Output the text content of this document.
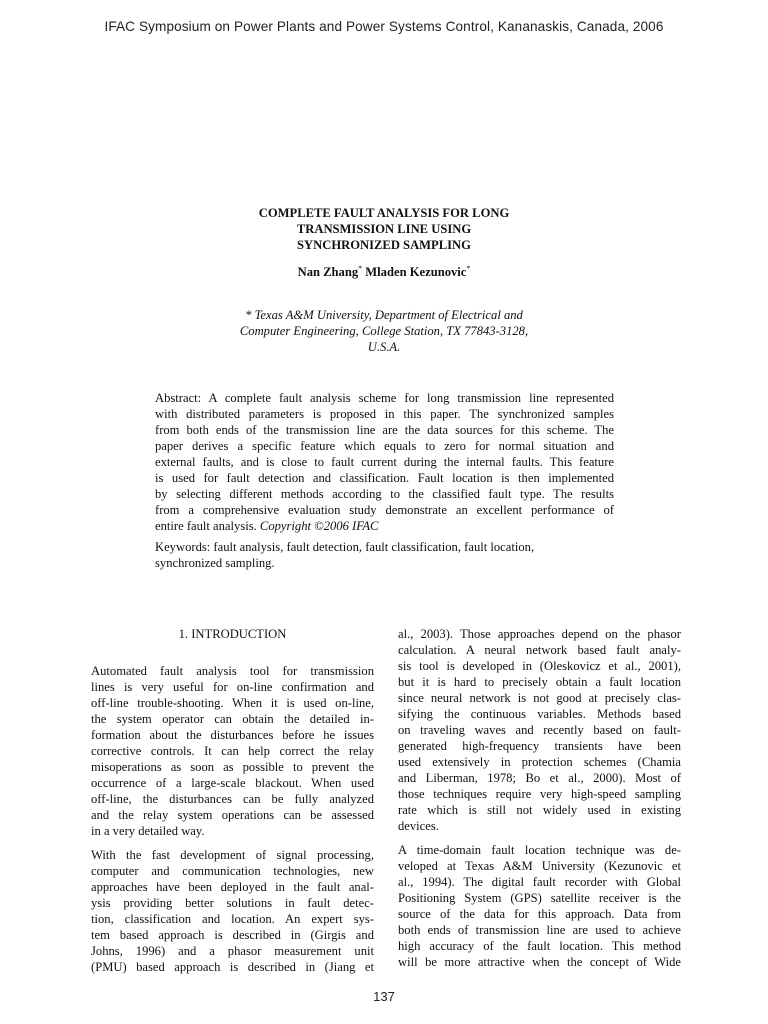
IFAC Symposium on Power Plants and Power Systems Control, Kananaskis, Canada, 2006
COMPLETE FAULT ANALYSIS FOR LONG
TRANSMISSION LINE USING
SYNCHRONIZED SAMPLING
Nan Zhang* Mladen Kezunovic*
* Texas A&M University, Department of Electrical and
Computer Engineering, College Station, TX 77843-3128,
U.S.A.
Abstract: A complete fault analysis scheme for long transmission line represented
with distributed parameters is proposed in this paper. The synchronized samples
from both ends of the transmission line are the data sources for this scheme. The
paper derives a specific feature which equals to zero for normal situation and
external faults, and is close to fault current during the internal faults. This feature
is used for fault detection and classification. Fault location is then implemented
by selecting different methods according to the classified fault type. The results
from a comprehensive evaluation study demonstrate an excellent performance of
entire fault analysis. Copyright ©2006 IFAC
Keywords: fault analysis, fault detection, fault classification, fault location,
synchronized sampling.
1. INTRODUCTION
Automated fault analysis tool for transmission
lines is very useful for on-line confirmation and
off-line trouble-shooting. When it is used on-line,
the system operator can obtain the detailed in-
formation about the disturbances before he issues
corrective controls. It can help correct the relay
misoperations as soon as possible to prevent the
occurrence of a large-scale blackout. When used
off-line, the disturbances can be fully analyzed
and the relay system operations can be assessed
in a very detailed way.
With the fast development of signal processing,
computer and communication technologies, new
approaches have been deployed in the fault anal-
ysis providing better solutions in fault detec-
tion, classification and location. An expert sys-
tem based approach is described in (Girgis and
Johns, 1996) and a phasor measurement unit
(PMU) based approach is described in (Jiang et
al., 2003). Those approaches depend on the phasor
calculation. A neural network based fault analy-
sis tool is developed in (Oleskovicz et al., 2001),
but it is hard to precisely obtain a fault location
since neural network is not good at precisely clas-
sifying the continuous variables. Methods based
on traveling waves and recently based on fault-
generated high-frequency transients have been
used extensively in protection schemes (Chamia
and Liberman, 1978; Bo et al., 2000). Most of
those techniques require very high-speed sampling
rate which is still not widely used in existing
devices.
A time-domain fault location technique was de-
veloped at Texas A&M University (Kezunovic et
al., 1994). The digital fault recorder with Global
Positioning System (GPS) satellite receiver is the
source of the data for this approach. Data from
both ends of transmission line are used to achieve
high accuracy of the fault location. This method
will be more attractive when the concept of Wide
137
